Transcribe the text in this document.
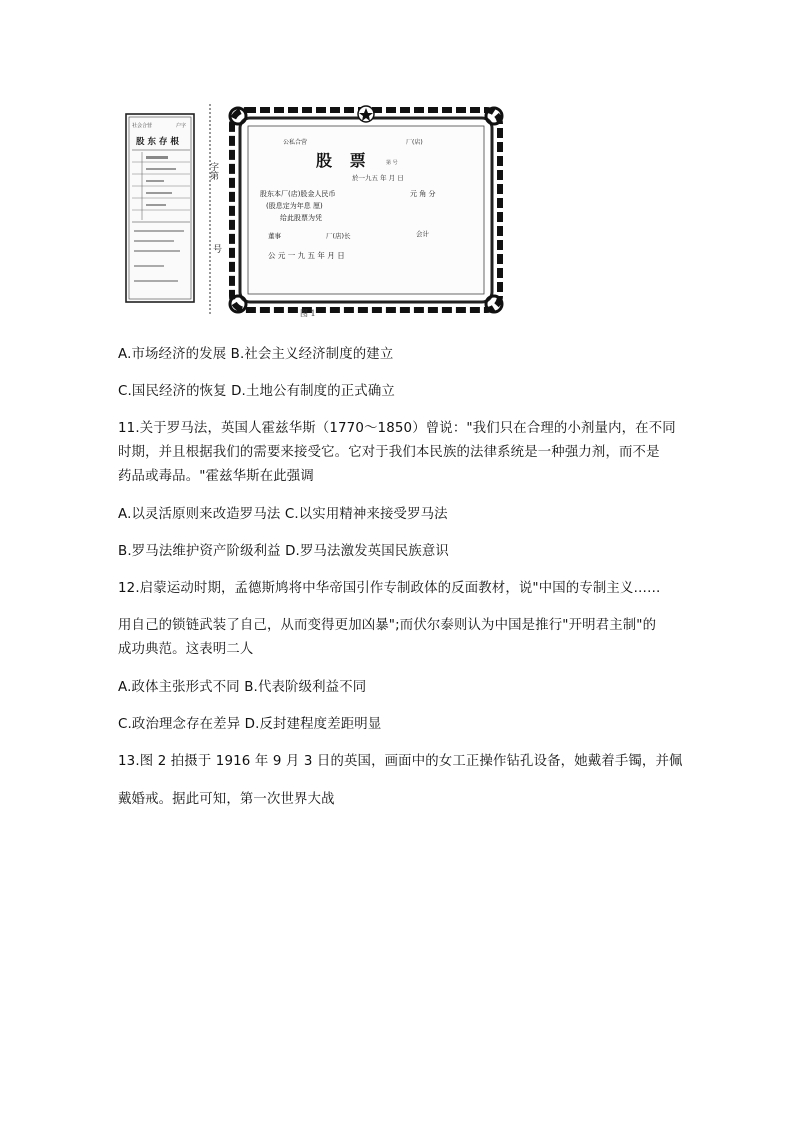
社会合营	户字
股 东 存 根
字第
号
公私合营	厂(店)
股 票	第 号
於一九五 年 月 日
股东本厂(店)股金人民币	元 角 分
(股息定为年息 厘)
给此股票为凭
董事	厂(店)长	会计
公 元 一 九 五 年 月 日
图 1
A.市场经济的发展 B.社会主义经济制度的建立
C.国民经济的恢复 D.土地公有制度的正式确立
11.关于罗马法，英国人霍兹华斯（1770～1850）曾说："我们只在合理的小剂量内，在不同
时期，并且根据我们的需要来接受它。它对于我们本民族的法律系统是一种强力剂，而不是
药品或毒品。"霍兹华斯在此强调
A.以灵活原则来改造罗马法 C.以实用精神来接受罗马法
B.罗马法维护资产阶级利益 D.罗马法激发英国民族意识
12.启蒙运动时期，孟德斯鸠将中华帝国引作专制政体的反面教材，说"中国的专制主义……
用自己的锁链武装了自己，从而变得更加凶暴";而伏尔泰则认为中国是推行"开明君主制"的
成功典范。这表明二人
A.政体主张形式不同 B.代表阶级利益不同
C.政治理念存在差异 D.反封建程度差距明显
13.图 2 拍摄于 1916 年 9 月 3 日的英国，画面中的女工正操作钻孔设备，她戴着手镯，并佩
戴婚戒。据此可知，第一次世界大战
